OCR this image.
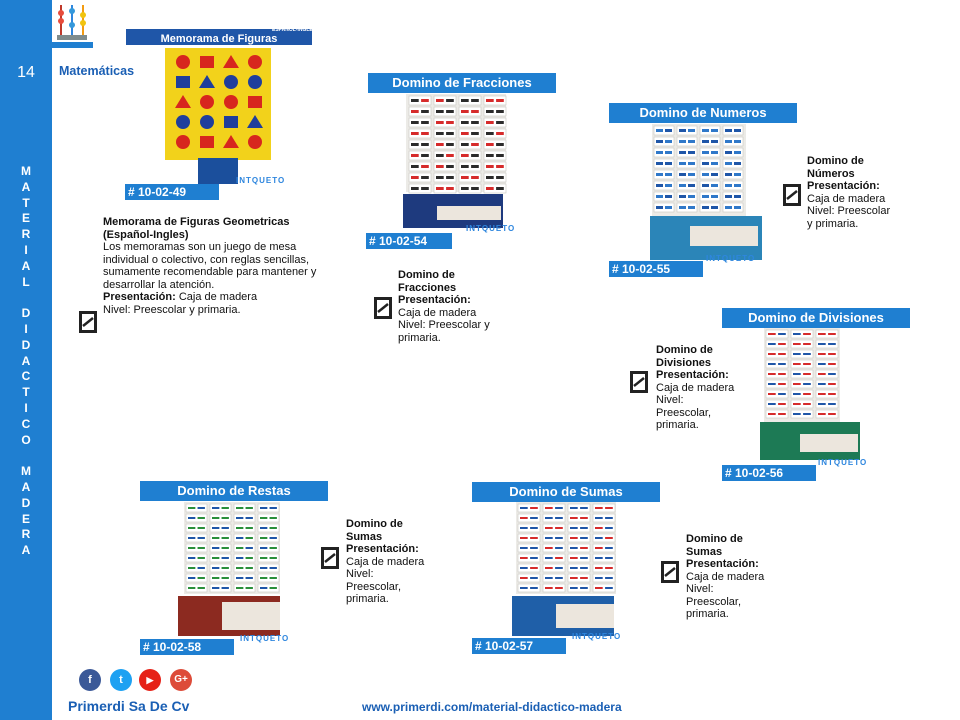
14
M
A
T
E
R
I
A
L

D
I
D
A
C
T
I
C
O

M
A
D
E
R
A
Matemáticas
Memorama de Figuras
ESPAÑOL-INGLES
INTQUETO
# 10-02-49
Memorama de Figuras Geometricas
(Español-Ingles)
Los memoramas son un juego de mesa individual o colectivo, con reglas sencillas, sumamente recomendable para mantener y desarrollar la atención.
Presentación: Caja de madera
Nivel: Preescolar y primaria.
Domino de Fracciones
INTQUETO
# 10-02-54
Domino de
Fracciones
Presentación:
Caja de madera
Nivel: Preescolar y
primaria.
Domino de Numeros
INTQUETO
# 10-02-55
Domino de
Números
Presentación:
Caja de madera
Nivel: Preescolar
y primaria.
Domino de Divisiones
INTQUETO
# 10-02-56
Domino de
Divisiones
Presentación:
Caja de madera
Nivel:
Preescolar,
primaria.
Domino de Restas
INTQUETO
# 10-02-58
Domino de
Sumas
Presentación:
Caja de madera
Nivel:
Preescolar,
primaria.
Domino de Sumas
INTQUETO
# 10-02-57
Domino de
Sumas
Presentación:
Caja de madera
Nivel:
Preescolar,
primaria.
f	t	▶	G+
Primerdi Sa De Cv	www.primerdi.com/material-didactico-madera
